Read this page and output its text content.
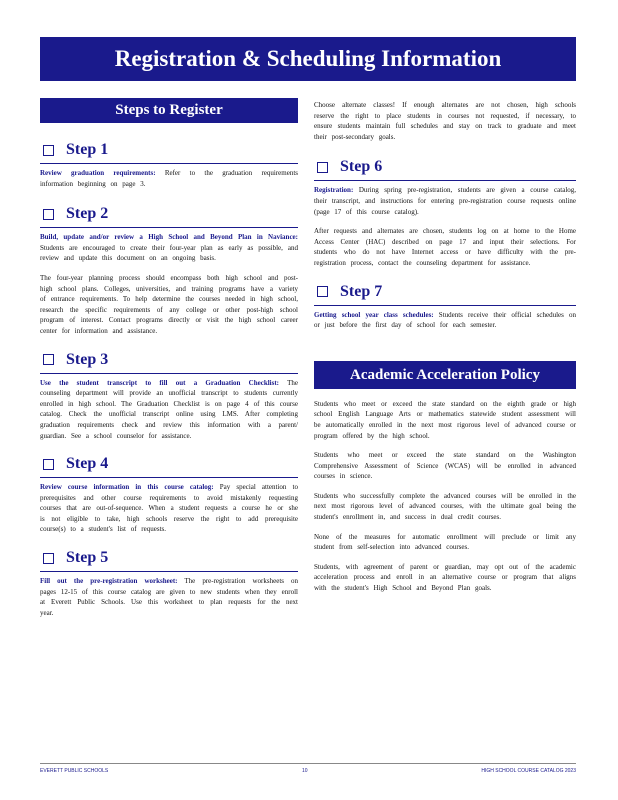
Registration & Scheduling Information
Steps to Register
Step 1

Review graduation requirements: Refer to the graduation requirements information beginning on page 3.

Step 2

Build, update and/or review a High School and Beyond Plan in Naviance: Students are encouraged to create their four-year plan as early as possible, and review and update this document on an ongoing basis.

The four-year planning process should encompass both high school and post-high school plans. Colleges, universities, and training programs have a variety of entrance requirements. To help determine the courses needed in high school, research the specific requirements of any college or other post-high school program of interest. Contact programs directly or visit the high school career center for information and assistance.

Step 3

Use the student transcript to fill out a Graduation Checklist: The counseling department will provide an unofficial transcript to students currently enrolled in high school. The Graduation Checklist is on page 4 of this course catalog. Check the unofficial transcript online using LMS. After completing graduation requirements check and review this information with a parent/ guardian. See a school counselor for assistance.

Step 4

Review course information in this course catalog: Pay special attention to prerequisites and other course requirements to avoid mistakenly requesting courses that are out-of-sequence. When a student requests a course he or she is not eligible to take, high schools reserve the right to add prerequisite course(s) to a student's list of requests.

Step 5

Fill out the pre-registration worksheet: The pre-registration worksheets on pages 12-15 of this course catalog are given to new students when they enroll at Everett Public Schools. Use this worksheet to plan requests for the next year.

Choose alternate classes! If enough alternates are not chosen, high schools reserve the right to place students in courses not requested, if necessary, to ensure students maintain full schedules and stay on track to graduate and meet their post-secondary goals.

Step 6

Registration: During spring pre-registration, students are given a course catalog, their transcript, and instructions for entering pre-registration course requests online (page 17 of this course catalog).

After requests and alternates are chosen, students log on at home to the Home Access Center (HAC) described on page 17 and input their selections. For students who do not have Internet access or have difficulty with the pre-registration process, contact the counseling department for assistance.

Step 7

Getting school year class schedules: Students receive their official schedules on or just before the first day of school for each semester.

Academic Acceleration Policy

Students who meet or exceed the state standard on the eighth grade or high school English Language Arts or mathematics statewide student assessment will be automatically enrolled in the next most rigorous level of advanced course or program offered by the high school.

Students who meet or exceed the state standard on the Washington Comprehensive Assessment of Science (WCAS) will be enrolled in advanced courses in science.

Students who successfully complete the advanced courses will be enrolled in the next most rigorous level of advanced courses, with the ultimate goal being the student's enrollment in, and success in dual credit courses.

None of the measures for automatic enrollment will preclude or limit any student from self-selection into advanced courses.

Students, with agreement of parent or guardian, may opt out of the academic acceleration process and enroll in an alternative course or program that aligns with the student's High School and Beyond Plan goals.

EVERETT PUBLIC SCHOOLS	10	HIGH SCHOOL COURSE CATALOG 2023
